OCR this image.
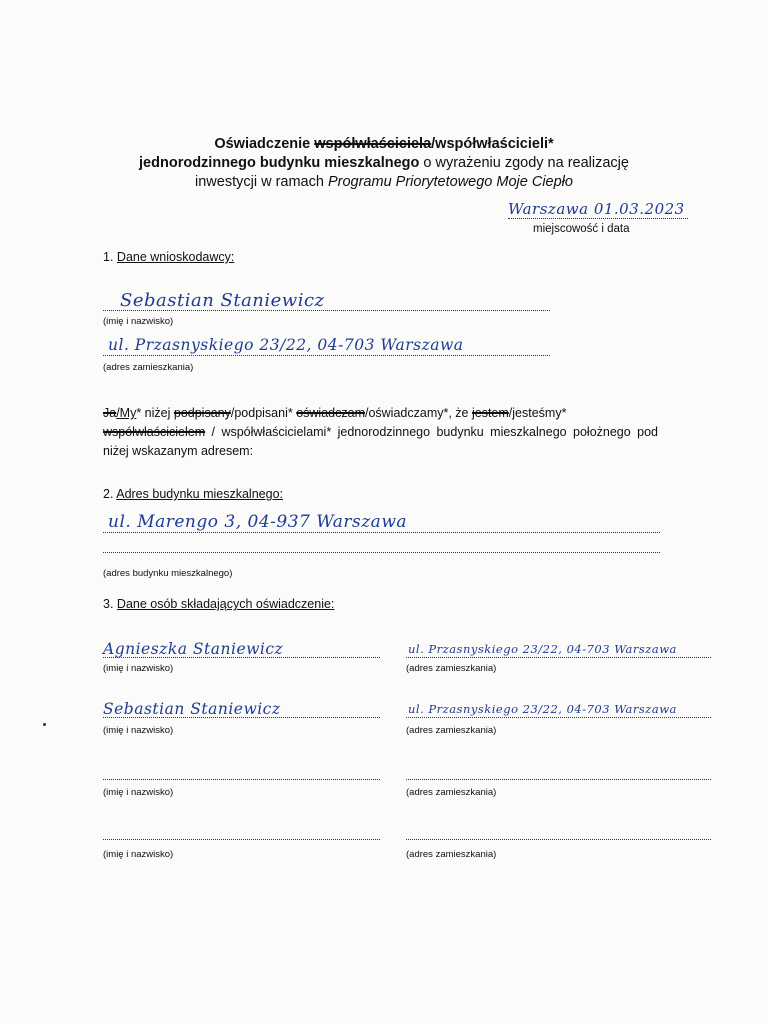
Oświadczenie współwłaściciela/współwłaścicieli*
jednorodzinnego budynku mieszkalnego o wyrażeniu zgody na realizację
inwestycji w ramach Programu Priorytetowego Moje Ciepło
Warszawa 01.03.2023
miejscowość i data
1. Dane wnioskodawcy:
Sebastian Staniewicz
(imię i nazwisko)
ul. Przasnyskiego 23/22, 04-703 Warszawa
(adres zamieszkania)
Ja/My* niżej podpisany/podpisani* oświadczam/oświadczamy*, że jestem/jesteśmy*
współwłaścicielem / współwłaścicielami* jednorodzinnego budynku mieszkalnego położnego pod niżej wskazanym adresem:
2. Adres budynku mieszkalnego:
ul. Marengo 3, 04-937 Warszawa
(adres budynku mieszkalnego)
3. Dane osób składających oświadczenie:
Agnieszka Staniewicz
(imię i nazwisko)
ul. Przasnyskiego 23/22, 04-703 Warszawa
(adres zamieszkania)
Sebastian Staniewicz
(imię i nazwisko)
ul. Przasnyskiego 23/22, 04-703 Warszawa
(adres zamieszkania)
(imię i nazwisko)	(adres zamieszkania)
(imię i nazwisko)	(adres zamieszkania)
